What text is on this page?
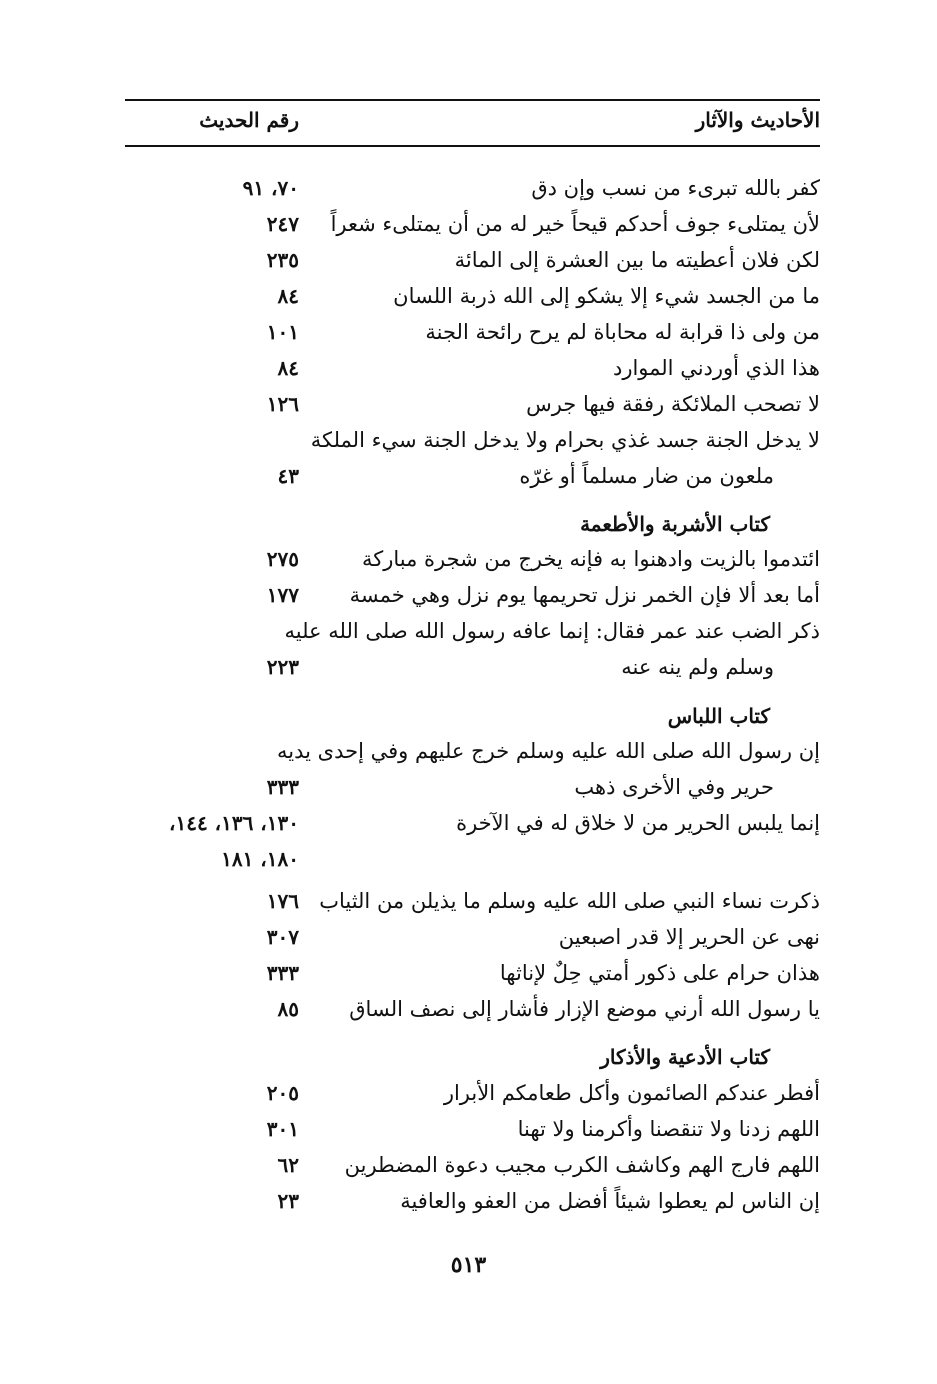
الأحاديث والآثار
رقم الحديث
كفر بالله تبرىء من نسب وإن دق
٧٠، ٩١
لأن يمتلىء جوف أحدكم قيحاً خير له من أن يمتلىء شعراً
٢٤٧
لكن فلان أعطيته ما بين العشرة إلى المائة
٢٣٥
ما من الجسد شيء إلا يشكو إلى الله ذربة اللسان
٨٤
من ولى ذا قرابة له محاباة لم يرح رائحة الجنة
١٠١
هذا الذي أوردني الموارد
٨٤
لا تصحب الملائكة رفقة فيها جرس
١٢٦
لا يدخل الجنة جسد غذي بحرام ولا يدخل الجنة سيء الملكة
ملعون من ضار مسلماً أو غرّه
٤٣
كتاب الأشربة والأطعمة
ائتدموا بالزيت وادهنوا به فإنه يخرج من شجرة مباركة
٢٧٥
أما بعد ألا فإن الخمر نزل تحريمها يوم نزل وهي خمسة
١٧٧
ذكر الضب عند عمر فقال: إنما عافه رسول الله صلى الله عليه
وسلم ولم ينه عنه
٢٢٣
كتاب اللباس
إن رسول الله صلى الله عليه وسلم خرج عليهم وفي إحدى يديه
حرير وفي الأخرى ذهب
٣٣٣
إنما يلبس الحرير من لا خلاق له في الآخرة
١٣٠، ١٣٦، ١٤٤،
١٨٠، ١٨١
ذكرت نساء النبي صلى الله عليه وسلم ما يذيلن من الثياب
١٧٦
نهى عن الحرير إلا قدر اصبعين
٣٠٧
هذان حرام على ذكور أمتي حِلٌ لإناثها
٣٣٣
يا رسول الله أرني موضع الإزار فأشار إلى نصف الساق
٨٥
كتاب الأدعية والأذكار
أفطر عندكم الصائمون وأكل طعامكم الأبرار
٢٠٥
اللهم زدنا ولا تنقصنا وأكرمنا ولا تهنا
٣٠١
اللهم فارج الهم وكاشف الكرب مجيب دعوة المضطرين
٦٢
إن الناس لم يعطوا شيئاً أفضل من العفو والعافية
٢٣
٥١٣
